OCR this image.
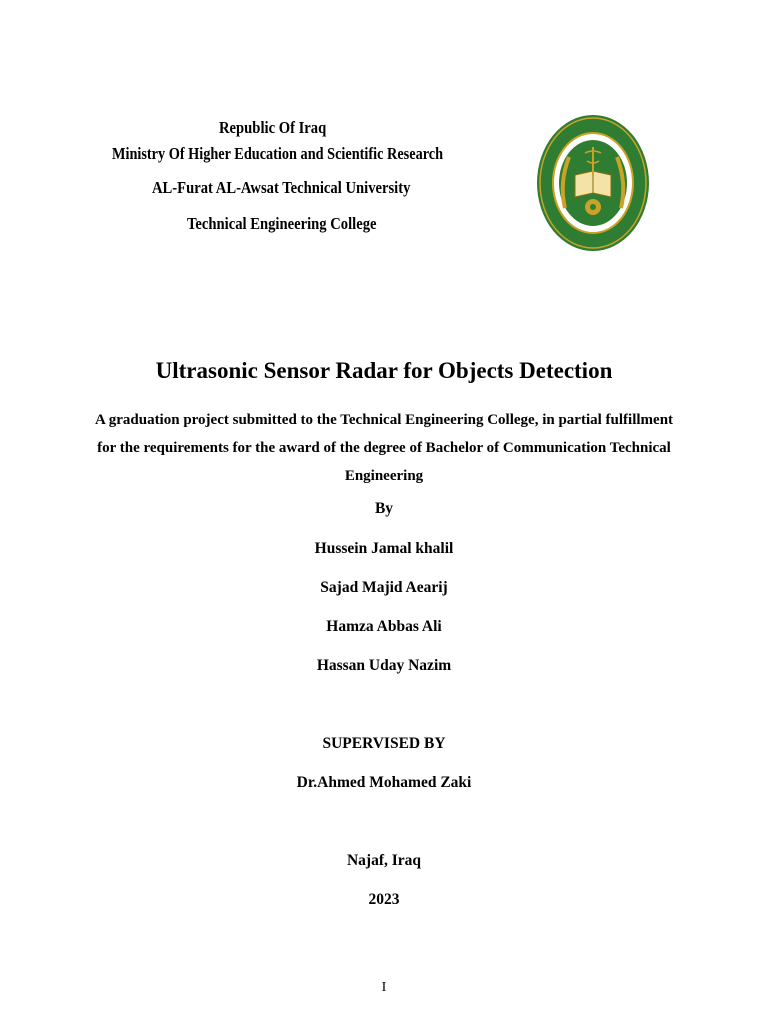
Republic Of Iraq
Ministry Of Higher Education and Scientific Research
AL-Furat AL-Awsat Technical University
Technical Engineering College
Ultrasonic Sensor Radar for Objects Detection
A graduation project submitted to the Technical Engineering College, in partial fulfillment for the requirements for the award of the degree of Bachelor of Communication Technical Engineering
By
Hussein Jamal khalil
Sajad Majid Aearij
Hamza Abbas Ali
Hassan Uday Nazim
SUPERVISED BY
Dr.Ahmed Mohamed Zaki
Najaf, Iraq
2023
I
